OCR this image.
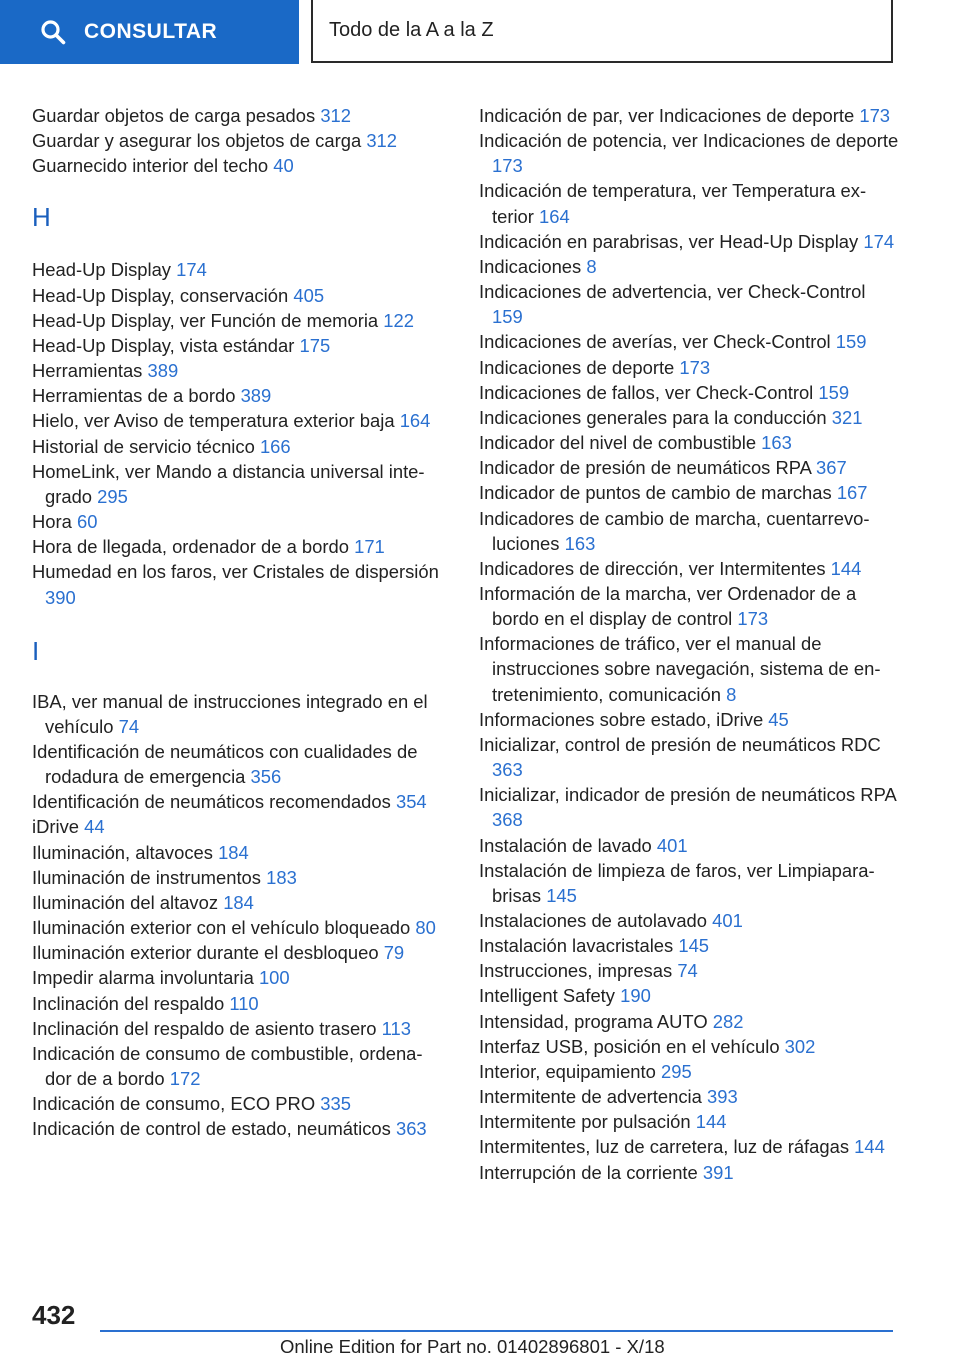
CONSULTAR	Todo de la A a la Z
Guardar objetos de carga pesados 312
Guardar y asegurar los objetos de carga 312
Guarnecido interior del techo 40
H
Head-Up Display 174
Head-Up Display, conservación 405
Head-Up Display, ver Función de memoria 122
Head-Up Display, vista estándar 175
Herramientas 389
Herramientas de a bordo 389
Hielo, ver Aviso de temperatura exterior baja 164
Historial de servicio técnico 166
HomeLink, ver Mando a distancia universal integrado 295
Hora 60
Hora de llegada, ordenador de a bordo 171
Humedad en los faros, ver Cristales de dispersión 390
I
IBA, ver manual de instrucciones integrado en el vehículo 74
Identificación de neumáticos con cualidades de rodadura de emergencia 356
Identificación de neumáticos recomendados 354
iDrive 44
Iluminación, altavoces 184
Iluminación de instrumentos 183
Iluminación del altavoz 184
Iluminación exterior con el vehículo bloqueado 80
Iluminación exterior durante el desbloqueo 79
Impedir alarma involuntaria 100
Inclinación del respaldo 110
Inclinación del respaldo de asiento trasero 113
Indicación de consumo de combustible, ordenador de a bordo 172
Indicación de consumo, ECO PRO 335
Indicación de control de estado, neumáticos 363
Indicación de par, ver Indicaciones de deporte 173
Indicación de potencia, ver Indicaciones de deporte 173
Indicación de temperatura, ver Temperatura exterior 164
Indicación en parabrisas, ver Head-Up Display 174
Indicaciones 8
Indicaciones de advertencia, ver Check-Control 159
Indicaciones de averías, ver Check-Control 159
Indicaciones de deporte 173
Indicaciones de fallos, ver Check-Control 159
Indicaciones generales para la conducción 321
Indicador del nivel de combustible 163
Indicador de presión de neumáticos RPA 367
Indicador de puntos de cambio de marchas 167
Indicadores de cambio de marcha, cuentarrevoluciones 163
Indicadores de dirección, ver Intermitentes 144
Información de la marcha, ver Ordenador de a bordo en el display de control 173
Informaciones de tráfico, ver el manual de instrucciones sobre navegación, sistema de entretenimiento, comunicación 8
Informaciones sobre estado, iDrive 45
Inicializar, control de presión de neumáticos RDC 363
Inicializar, indicador de presión de neumáticos RPA 368
Instalación de lavado 401
Instalación de limpieza de faros, ver Limpiaparabrisas 145
Instalaciones de autolavado 401
Instalación lavacristales 145
Instrucciones, impresas 74
Intelligent Safety 190
Intensidad, programa AUTO 282
Interfaz USB, posición en el vehículo 302
Interior, equipamiento 295
Intermitente de advertencia 393
Intermitente por pulsación 144
Intermitentes, luz de carretera, luz de ráfagas 144
Interrupción de la corriente 391
432
Online Edition for Part no. 01402896801 - X/18
